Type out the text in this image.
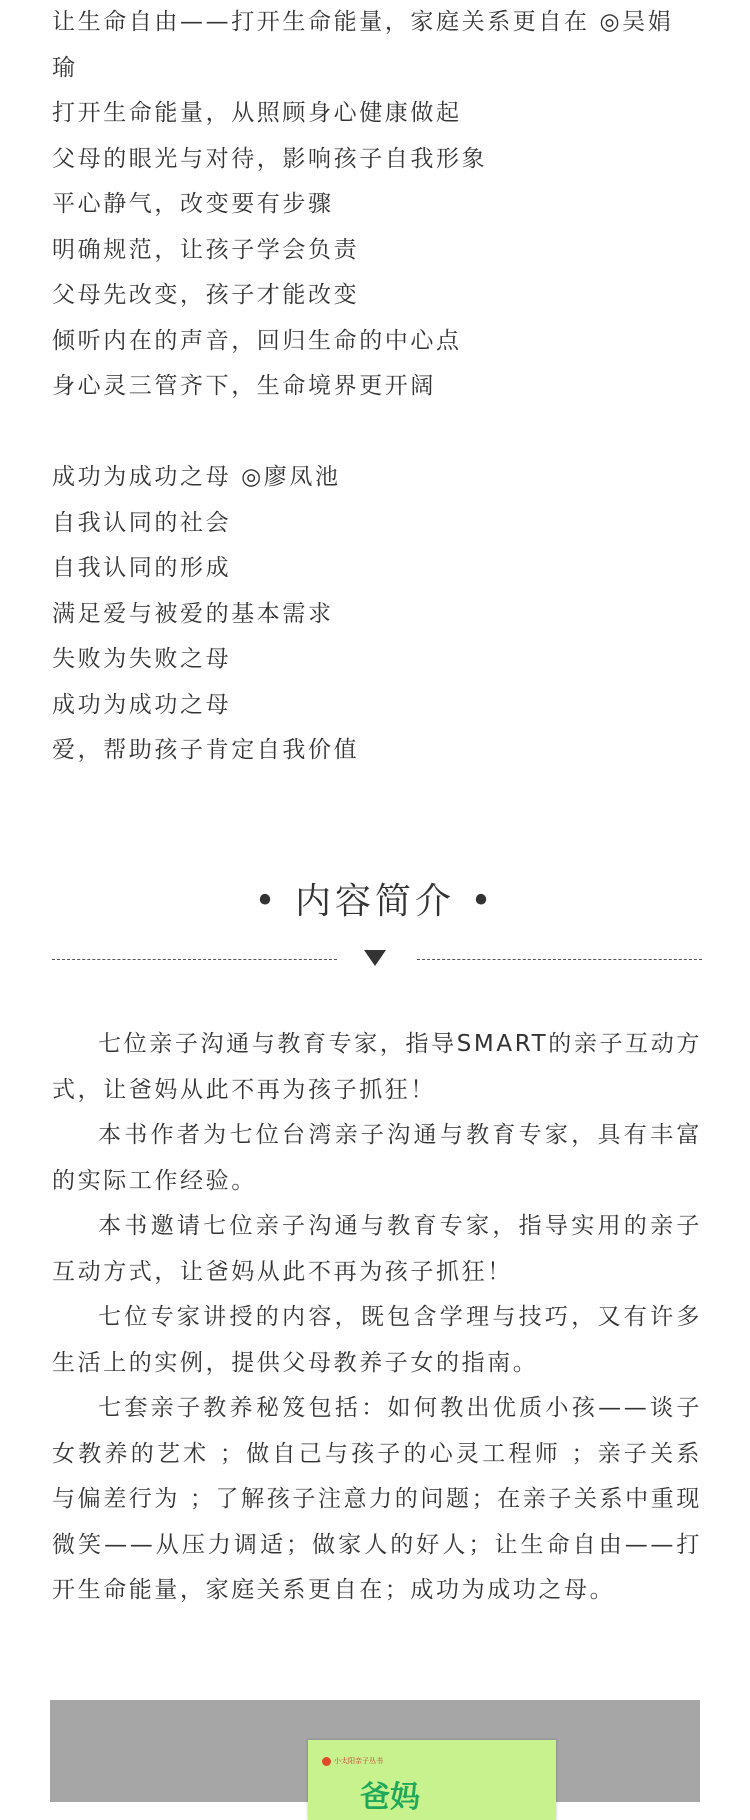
让生命自由——打开生命能量，家庭关系更自在 ◎吴娟
瑜
打开生命能量，从照顾身心健康做起
父母的眼光与对待，影响孩子自我形象
平心静气，改变要有步骤
明确规范，让孩子学会负责
父母先改变，孩子才能改变
倾听内在的声音，回归生命的中心点
身心灵三管齐下，生命境界更开阔
成功为成功之母 ◎廖凤池
自我认同的社会
自我认同的形成
满足爱与被爱的基本需求
失败为失败之母
成功为成功之母
爱，帮助孩子肯定自我价值
• 内容简介 •

七位亲子沟通与教育专家，指导SMART的亲子互动方式，让爸妈从此不再为孩子抓狂！

本书作者为七位台湾亲子沟通与教育专家，具有丰富的实际工作经验。

本书邀请七位亲子沟通与教育专家，指导实用的亲子互动方式，让爸妈从此不再为孩子抓狂！

七位专家讲授的内容，既包含学理与技巧，又有许多生活上的实例，提供父母教养子女的指南。

七套亲子教养秘笈包括：如何教出优质小孩——谈子女教养的艺术 ；做自己与孩子的心灵工程师 ；亲子关系与偏差行为 ；了解孩子注意力的问题；在亲子关系中重现微笑——从压力调适；做家人的好人；让生命自由——打开生命能量，家庭关系更自在；成功为成功之母。

小太阳亲子丛书
爸妈
